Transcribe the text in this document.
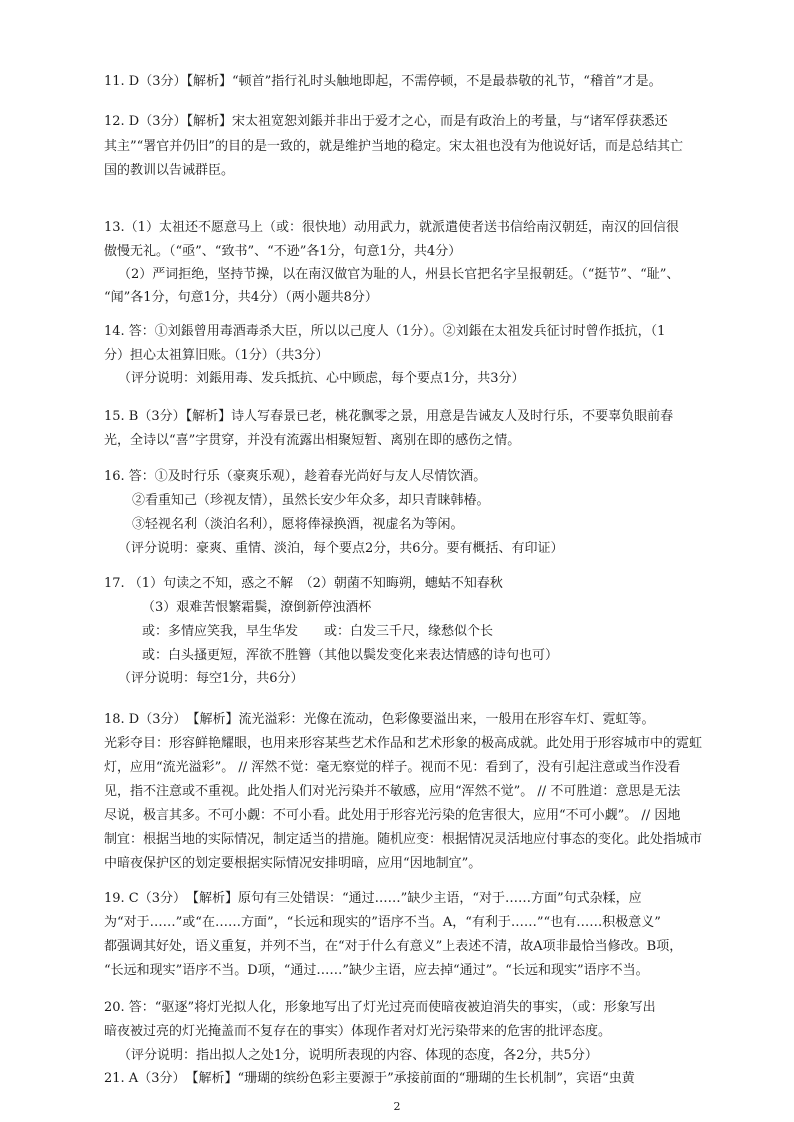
11. D（3分）【解析】“顿首”指行礼时头触地即起，不需停顿，不是最恭敬的礼节，“稽首”才是。
12. D（3分）【解析】宋太祖宽恕刘鋹并非出于爱才之心，而是有政治上的考量，与“诸军俘获悉还
其主”“署官并仍旧”的目的是一致的，就是维护当地的稳定。宋太祖也没有为他说好话，而是总结其亡
国的教训以告诫群臣。
13.（1）太祖还不愿意马上（或：很快地）动用武力，就派遣使者送书信给南汉朝廷，南汉的回信很
傲慢无礼。（“亟”、“致书”、“不逊”各1分，句意1分，共4分）
（2）严词拒绝，坚持节操，以在南汉做官为耻的人，州县长官把名字呈报朝廷。（“挺节”、“耻”、
“闻”各1分，句意1分，共4分）（两小题共8分）
14. 答：①刘鋹曾用毒酒毒杀大臣，所以以己度人（1分）。②刘鋹在太祖发兵征讨时曾作抵抗，（1
分）担心太祖算旧账。（1分）（共3分）
（评分说明：刘鋹用毒、发兵抵抗、心中顾虑，每个要点1分，共3分）
15. B（3分）【解析】诗人写春景已老，桃花飘零之景，用意是告诫友人及时行乐，不要辜负眼前春
光，全诗以“喜”字贯穿，并没有流露出相聚短暂、离别在即的感伤之情。
16. 答：①及时行乐（豪爽乐观），趁着春光尚好与友人尽情饮酒。
②看重知己（珍视友情），虽然长安少年众多，却只青睐韩椿。
③轻视名利（淡泊名利），愿将俸禄换酒，视虚名为等闲。
（评分说明：豪爽、重情、淡泊，每个要点2分，共6分。要有概括、有印证）
17. （1）句读之不知，惑之不解　（2）朝菌不知晦朔，蟪蛄不知春秋
（3）艰难苦恨繁霜鬓，潦倒新停浊酒杯
或：多情应笑我，早生华发　　或：白发三千尺，缘愁似个长
或：白头搔更短，浑欲不胜簪（其他以鬓发变化来表达情感的诗句也可）
（评分说明：每空1分，共6分）
18. D（3分）　【解析】流光溢彩：光像在流动，色彩像要溢出来，一般用在形容车灯、霓虹等。
光彩夺目：形容鲜艳耀眼，也用来形容某些艺术作品和艺术形象的极高成就。此处用于形容城市中的霓虹
灯，应用“流光溢彩”。 // 浑然不觉：毫无察觉的样子。视而不见：看到了，没有引起注意或当作没看
见，指不注意或不重视。此处指人们对光污染并不敏感，应用“浑然不觉”。 // 不可胜道：意思是无法
尽说，极言其多。不可小觑：不可小看。此处用于形容光污染的危害很大，应用“不可小觑”。 // 因地
制宜：根据当地的实际情况，制定适当的措施。随机应变：根据情况灵活地应付事态的变化。此处指城市
中暗夜保护区的划定要根据实际情况安排明暗，应用“因地制宜”。
19. C（3分）　【解析】原句有三处错误：“通过……”缺少主语，“对于……方面”句式杂糅，应
为“对于……”或“在……方面”，“长远和现实的”语序不当。A，“有利于……”“也有……积极意义”
都强调其好处，语义重复，并列不当，在“对于什么有意义”上表述不清，故A项非最恰当修改。B项，
“长远和现实”语序不当。D项，“通过……”缺少主语，应去掉“通过”。“长远和现实”语序不当。
20. 答：“驱逐”将灯光拟人化，形象地写出了灯光过亮而使暗夜被迫消失的事实，（或：形象写出
暗夜被过亮的灯光掩盖而不复存在的事实）体现作者对灯光污染带来的危害的批评态度。
（评分说明：指出拟人之处1分，说明所表现的内容、体现的态度，各2分，共5分）
2
21. A（3分）　【解析】“珊瑚的缤纷色彩主要源于”承接前面的“珊瑚的生长机制”，宾语“虫黄
